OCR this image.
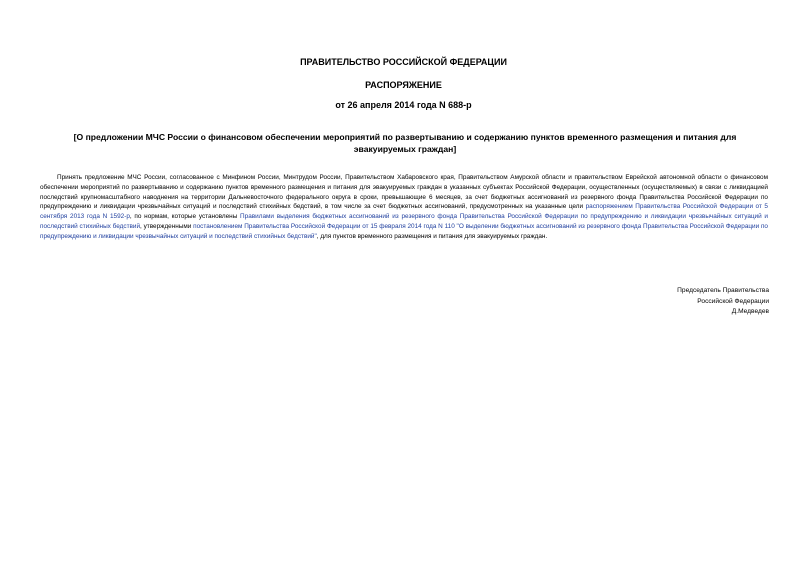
ПРАВИТЕЛЬСТВО РОССИЙСКОЙ ФЕДЕРАЦИИ
РАСПОРЯЖЕНИЕ
от 26 апреля 2014 года N 688-р
[О предложении МЧС России о финансовом обеспечении мероприятий по развертыванию и содержанию пунктов временного размещения и питания для эвакуируемых граждан]

Принять предложение МЧС России, согласованное с Минфином России, Минтрудом России, Правительством Хабаровского края, Правительством Амурской области и правительством Еврейской автономной области о финансовом обеспечении мероприятий по развертыванию и содержанию пунктов временного размещения и питания для эвакуируемых граждан в указанных субъектах Российской Федерации, осуществленных (осуществляемых) в связи с ликвидацией последствий крупномасштабного наводнения на территории Дальневосточного федерального округа в сроки, превышающие 6 месяцев, за счет бюджетных ассигнований из резервного фонда Правительства Российской Федерации по предупреждению и ликвидации чрезвычайных ситуаций и последствий стихийных бедствий, в том числе за счет бюджетных ассигнований, предусмотренных на указанные цели распоряжением Правительства Российской Федерации от 5 сентября 2013 года N 1592-р, по нормам, которые установлены Правилами выделения бюджетных ассигнований из резервного фонда Правительства Российской Федерации по предупреждению и ликвидации чрезвычайных ситуаций и последствий стихийных бедствий, утвержденными постановлением Правительства Российской Федерации от 15 февраля 2014 года N 110 "О выделении бюджетных ассигнований из резервного фонда Правительства Российской Федерации по предупреждению и ликвидации чрезвычайных ситуаций и последствий стихийных бедствий", для пунктов временного размещения и питания для эвакуируемых граждан.

Председатель Правительства
Российской Федерации
Д.Медведев
